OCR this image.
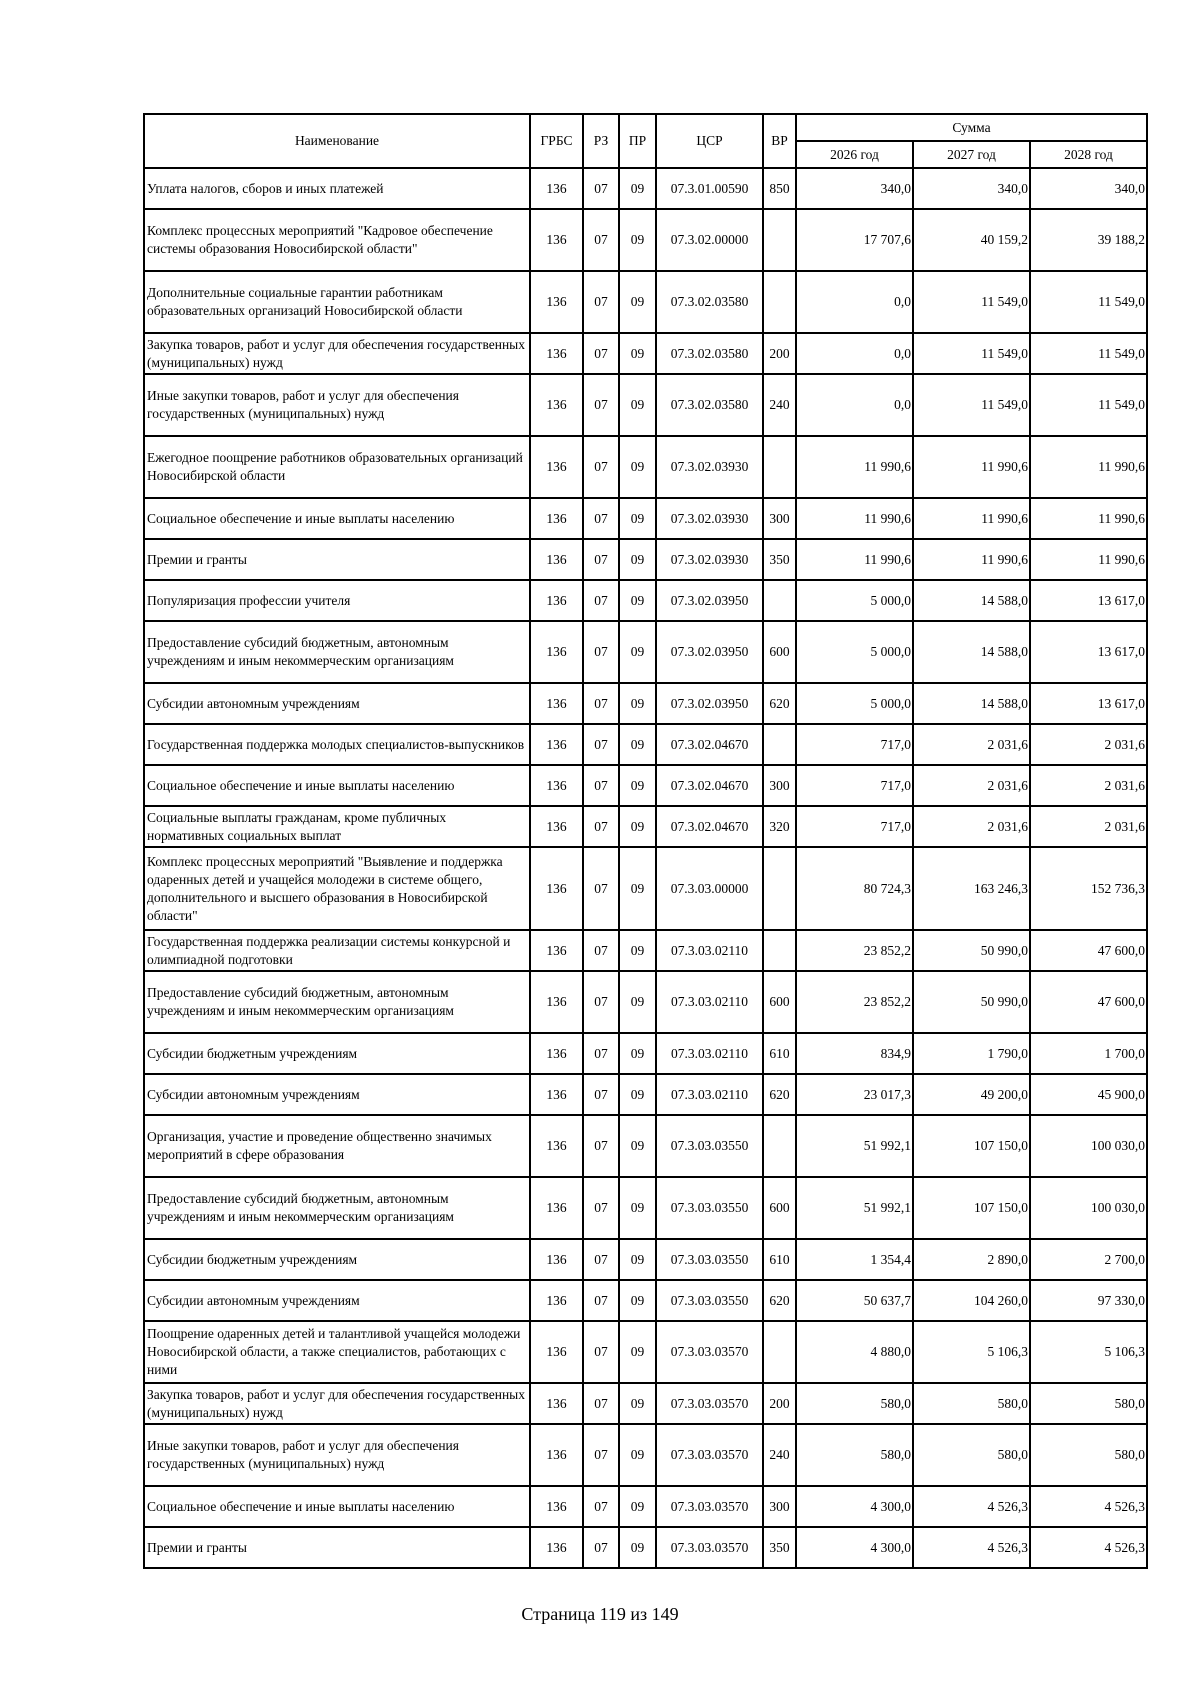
Наименование	ГРБС	РЗ	ПР	ЦСР	ВР	Сумма		
						2026 год	2027 год	2028 год
Уплата налогов, сборов и иных платежей	136	07	09	07.3.01.00590	850	340,0	340,0	340,0
Комплекс процессных мероприятий "Кадровое обеспечение системы образования Новосибирской области"	136	07	09	07.3.02.00000		17 707,6	40 159,2	39 188,2
Дополнительные социальные гарантии работникам образовательных организаций Новосибирской области	136	07	09	07.3.02.03580		0,0	11 549,0	11 549,0
Закупка товаров, работ и услуг для обеспечения государственных (муниципальных) нужд	136	07	09	07.3.02.03580	200	0,0	11 549,0	11 549,0
Иные закупки товаров, работ и услуг для обеспечения государственных (муниципальных) нужд	136	07	09	07.3.02.03580	240	0,0	11 549,0	11 549,0
Ежегодное поощрение работников образовательных организаций Новосибирской области	136	07	09	07.3.02.03930		11 990,6	11 990,6	11 990,6
Социальное обеспечение и иные выплаты населению	136	07	09	07.3.02.03930	300	11 990,6	11 990,6	11 990,6
Премии и гранты	136	07	09	07.3.02.03930	350	11 990,6	11 990,6	11 990,6
Популяризация профессии учителя	136	07	09	07.3.02.03950		5 000,0	14 588,0	13 617,0
Предоставление субсидий бюджетным, автономным учреждениям и иным некоммерческим организациям	136	07	09	07.3.02.03950	600	5 000,0	14 588,0	13 617,0
Субсидии автономным учреждениям	136	07	09	07.3.02.03950	620	5 000,0	14 588,0	13 617,0
Государственная поддержка молодых специалистов-выпускников	136	07	09	07.3.02.04670		717,0	2 031,6	2 031,6
Социальное обеспечение и иные выплаты населению	136	07	09	07.3.02.04670	300	717,0	2 031,6	2 031,6
Социальные выплаты гражданам, кроме публичных нормативных социальных выплат	136	07	09	07.3.02.04670	320	717,0	2 031,6	2 031,6
Комплекс процессных мероприятий "Выявление и поддержка одаренных детей и учащейся молодежи в системе общего, дополнительного и высшего образования в Новосибирской области"	136	07	09	07.3.03.00000		80 724,3	163 246,3	152 736,3
Государственная поддержка реализации системы конкурсной и олимпиадной подготовки	136	07	09	07.3.03.02110		23 852,2	50 990,0	47 600,0
Предоставление субсидий бюджетным, автономным учреждениям и иным некоммерческим организациям	136	07	09	07.3.03.02110	600	23 852,2	50 990,0	47 600,0
Субсидии бюджетным учреждениям	136	07	09	07.3.03.02110	610	834,9	1 790,0	1 700,0
Субсидии автономным учреждениям	136	07	09	07.3.03.02110	620	23 017,3	49 200,0	45 900,0
Организация, участие и проведение общественно значимых мероприятий в сфере образования	136	07	09	07.3.03.03550		51 992,1	107 150,0	100 030,0
Предоставление субсидий бюджетным, автономным учреждениям и иным некоммерческим организациям	136	07	09	07.3.03.03550	600	51 992,1	107 150,0	100 030,0
Субсидии бюджетным учреждениям	136	07	09	07.3.03.03550	610	1 354,4	2 890,0	2 700,0
Субсидии автономным учреждениям	136	07	09	07.3.03.03550	620	50 637,7	104 260,0	97 330,0
Поощрение одаренных детей и талантливой учащейся молодежи Новосибирской области, а также специалистов, работающих с ними	136	07	09	07.3.03.03570		4 880,0	5 106,3	5 106,3
Закупка товаров, работ и услуг для обеспечения государственных (муниципальных) нужд	136	07	09	07.3.03.03570	200	580,0	580,0	580,0
Иные закупки товаров, работ и услуг для обеспечения государственных (муниципальных) нужд	136	07	09	07.3.03.03570	240	580,0	580,0	580,0
Социальное обеспечение и иные выплаты населению	136	07	09	07.3.03.03570	300	4 300,0	4 526,3	4 526,3
Премии и гранты	136	07	09	07.3.03.03570	350	4 300,0	4 526,3	4 526,3
Страница 119 из 149
